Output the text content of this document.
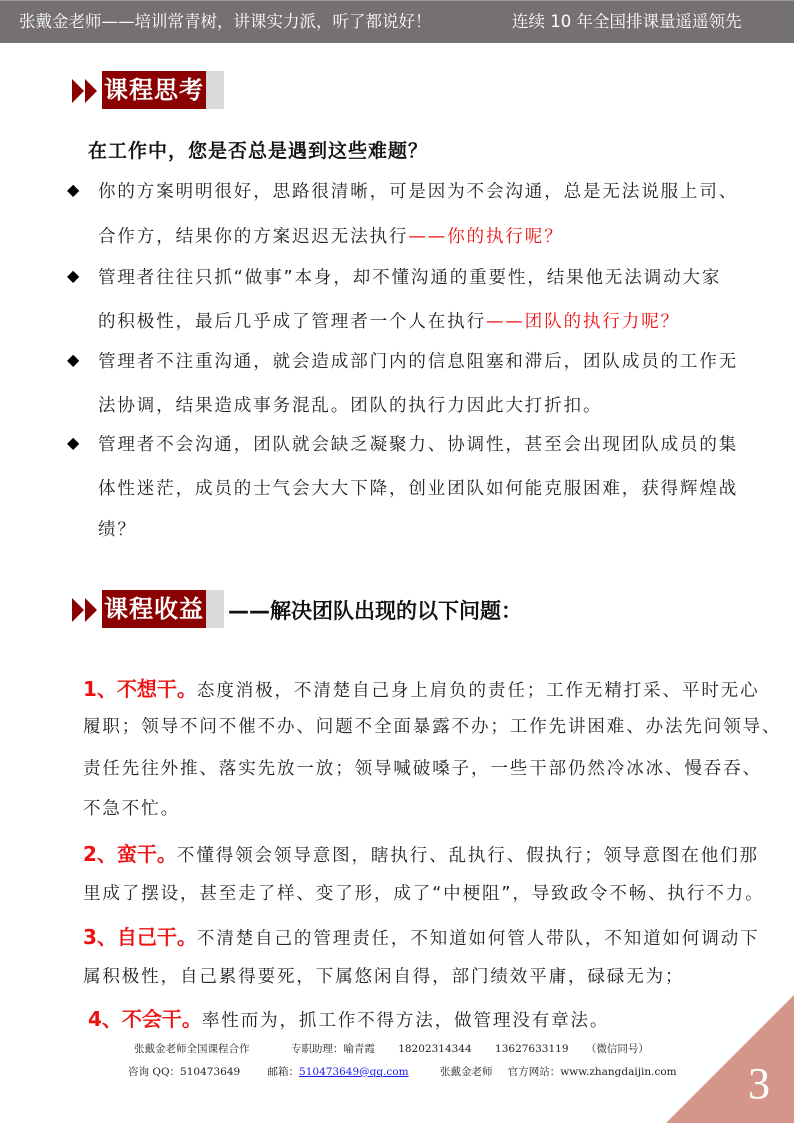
张戴金老师——培训常青树，讲课实力派，听了都说好！	连续 10 年全国排课量遥遥领先
课程思考
在工作中，您是否总是遇到这些难题？
◆ 你的方案明明很好，思路很清晰，可是因为不会沟通，总是无法说服上司、
合作方，结果你的方案迟迟无法执行——你的执行呢？
◆ 管理者往往只抓“做事”本身，却不懂沟通的重要性，结果他无法调动大家
的积极性，最后几乎成了管理者一个人在执行——团队的执行力呢？
◆ 管理者不注重沟通，就会造成部门内的信息阻塞和滞后，团队成员的工作无
法协调，结果造成事务混乱。团队的执行力因此大打折扣。
◆ 管理者不会沟通，团队就会缺乏凝聚力、协调性，甚至会出现团队成员的集
体性迷茫，成员的士气会大大下降，创业团队如何能克服困难，获得辉煌战
绩？
课程收益 ——解决团队出现的以下问题：
1、不想干。态度消极，不清楚自己身上肩负的责任；工作无精打采、平时无心
履职；领导不问不催不办、问题不全面暴露不办；工作先讲困难、办法先问领导、
责任先往外推、落实先放一放；领导喊破嗓子，一些干部仍然冷冰冰、慢吞吞、
不急不忙。
2、蛮干。不懂得领会领导意图，瞎执行、乱执行、假执行；领导意图在他们那
里成了摆设，甚至走了样、变了形，成了“中梗阻”，导致政令不畅、执行不力。
3、自己干。不清楚自己的管理责任，不知道如何管人带队，不知道如何调动下
属积极性，自己累得要死，下属悠闲自得，部门绩效平庸，碌碌无为；
4、不会干。率性而为，抓工作不得方法，做管理没有章法。
张戴金老师全国课程合作	专职助理：喻青霞 18202314344 13627633119 （微信同号）
咨询 QQ：510473649	邮箱：510473649@qq.com	张戴金老师 官方网站：www.zhangdaijin.com 3
